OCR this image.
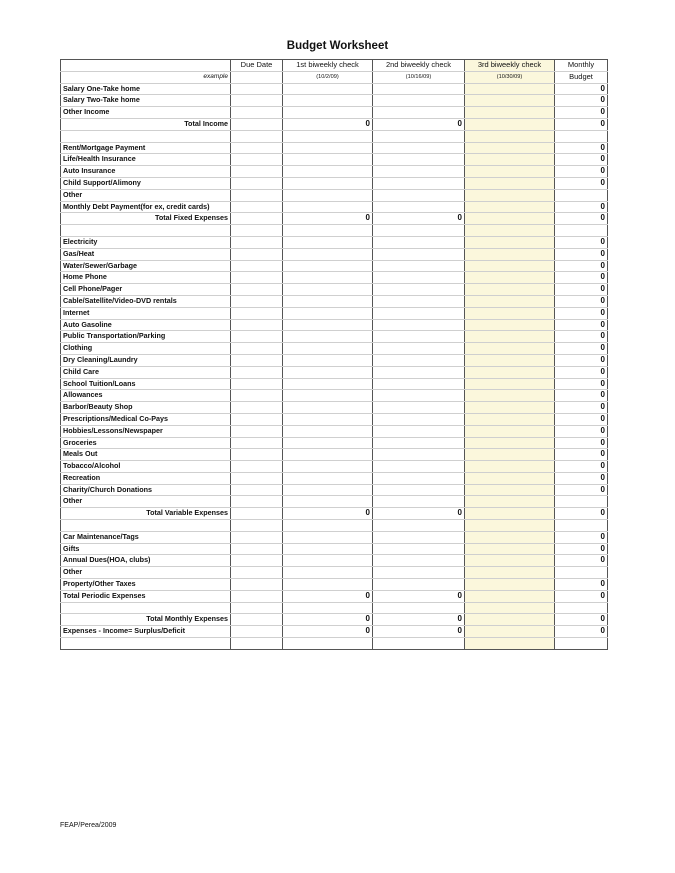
Budget Worksheet
	Due Date	1st biweekly check	2nd biweekly check	3rd biweekly check	Monthly
example		(10/2/09)	(10/16/09)	(10/30/09)	Budget
Salary One-Take home					0
Salary Two-Take home					0
Other Income					0
Total Income		0	0		0

Rent/Mortgage Payment					0
Life/Health Insurance					0
Auto Insurance					0
Child Support/Alimony					0
Other					
Monthly Debt Payment(for ex, credit cards)					0
Total Fixed Expenses		0	0		0

Electricity					0
Gas/Heat					0
Water/Sewer/Garbage					0
Home Phone					0
Cell Phone/Pager					0
Cable/Satellite/Video-DVD rentals					0
Internet					0
Auto Gasoline					0
Public Transportation/Parking					0
Clothing					0
Dry Cleaning/Laundry					0
Child Care					0
School Tuition/Loans					0
Allowances					0
Barbor/Beauty Shop					0
Prescriptions/Medical Co-Pays					0
Hobbies/Lessons/Newspaper					0
Groceries					0
Meals Out					0
Tobacco/Alcohol					0
Recreation					0
Charity/Church Donations					0
Other					
Total Variable Expenses		0	0		0

Car Maintenance/Tags					0
Gifts					0
Annual Dues(HOA, clubs)					0
Other					
Property/Other Taxes					0
Total Periodic Expenses		0	0		0

Total Monthly Expenses		0	0		0
Expenses - Income= Surplus/Deficit		0	0		0

FEAP/Perea/2009
